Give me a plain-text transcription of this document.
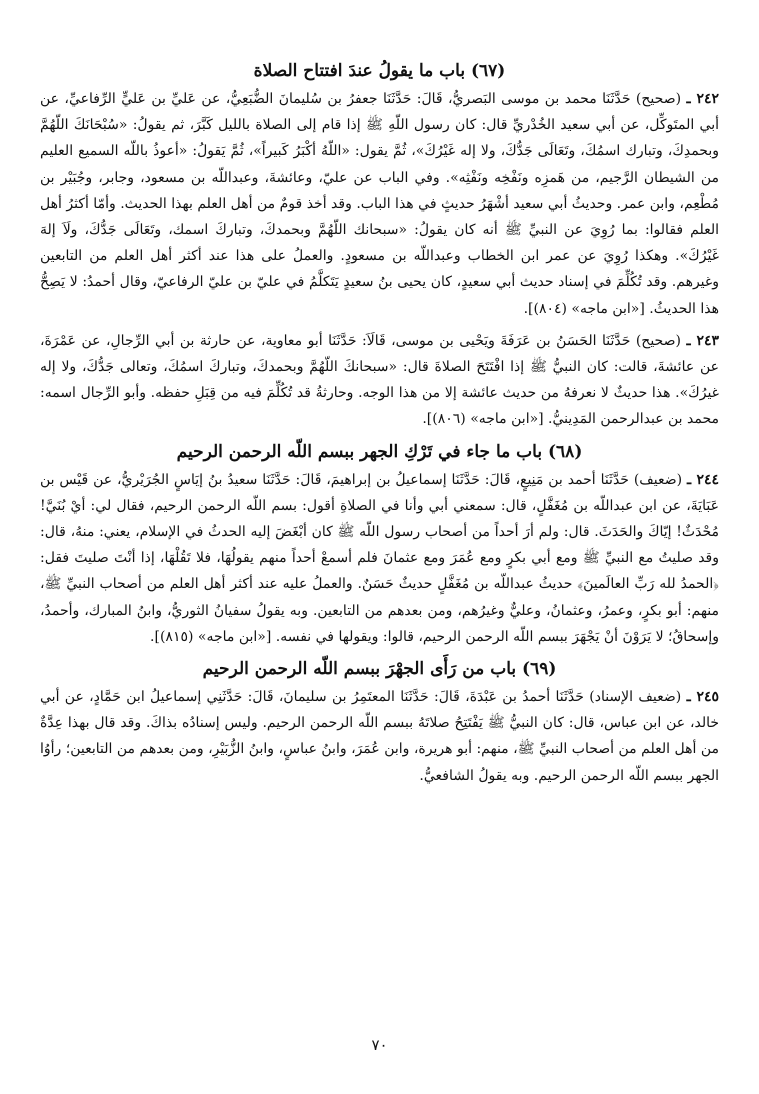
(٦٧) باب ما يقولُ عندَ افتتاح الصلاة

٢٤٢ ـ (صحيح) حَدَّثَنَا محمد بن موسى البَصريُّ، قَالَ: حَدَّثَنَا جعفرُ بن سُليمانَ الضُّبَعِيُّ، عن عَليِّ بن عَليٍّ الرِّفاعيِّ، عن أبي المتَوكِّل، عن أبي سعيد الخُدْريِّ قال: كان رسول اللّهِ ﷺ إذا قام إلى الصلاة بالليل كَبَّرَ، ثم يقولُ: «سُبْحَانَكَ اللّهُمَّ وبحمدِكَ، وتبارك اسمُكَ، وتَعَالَى جَدُّكَ، ولا إله غَيْرُكَ»، ثُمَّ يقول: «اللّهُ أكْبَرُ كَبيراً»، ثُمَّ يَقولُ: «أعوذُ باللّه السميع العليم من الشيطان الرَّجيم، من هَمزِه ونَفْخِه ونَفْثِه». وفي الباب عن عليّ، وعائشةَ، وعبداللّه بن مسعود، وجابر، وجُبَيْر بن مُطْعِم، وابن عمر. وحديثُ أبي سعيد أشْهَرُ حديثٍ في هذا الباب. وقد أخذ قومٌ من أهل العلم بهذا الحديث. وأمّا أكثرُ أهل العلم فقالوا: بما رُوِيَ عن النبيِّ ﷺ أنه كان يقولُ: «سبحانك اللّهُمَّ وبحمدكَ، وتباركَ اسمك، وتَعَالَى جَدُّكَ، ولَاَ إلهَ غَيْرُكَ». وهكذا رُوِيَ عن عمر ابن الخطاب وعبداللّه بن مسعودٍ. والعملُ على هذا عند أكثر أهل العلم من التابعين وغيرهم. وقد تُكُلِّمَ في إسناد حديث أبي سعيدٍ، كان يحيى بنُ سعيدٍ يَتَكلَّمُ في عليّ بن عليّ الرفاعيّ، وقال أحمدُ: لا يَصِحُّ هذا الحديثُ. [«ابن ماجه» (٨٠٤)].

٢٤٣ ـ (صحيح) حَدَّثَنَا الحَسَنُ بن عَرَفَةَ ويَحْيى بن موسى، قَالَاَ: حَدَّثَنَا أبو معاوية، عن حارثة بن أبي الرِّجالِ، عن عَمْرَةَ، عن عائشةَ، قالت: كان النبيُّ ﷺ إذا افْتَتَحَ الصلاةَ قال: «سبحانكَ اللّهُمَّ وبحمدكَ، وتباركَ اسمُكَ، وتعالى جَدُّكَ، ولا إله غيرُكَ». هذا حديثٌ لا نعرفهُ من حديث عائشة إلا من هذا الوجه. وحارثةُ قد تُكُلِّمَ فيه من قِبَلِ حفظه. وأبو الرِّجال اسمه: محمد بن عبدالرحمن المَدِينيُّ. [«ابن ماجه» (٨٠٦)].

(٦٨) باب ما جاء في تَرْكِ الجهر ببسم اللّه الرحمن الرحيم

٢٤٤ ـ (ضعيف) حَدَّثَنَا أحمد بن مَنِيعٍ، قَالَ: حَدَّثَنَا إسماعيلُ بن إبراهيمَ، قَالَ: حَدَّثَنَا سعيدُ بنُ إيَاسٍ الجُرَيْريُّ، عن قَيْس بن عَبَايَةَ، عن ابن عبداللّه بن مُغَفَّلٍ، قال: سمعني أبي وأنا في الصلاةِ أقول: بسم اللّه الرحمن الرحيم، فقال لي: أيْ بُنَيَّ! مُحْدَثٌ! إيّاكَ والحَدَثَ. قال: ولم أرَ أحداً من أصحاب رسول اللّه ﷺ كان أبْغَضَ إليه الحدثُ في الإسلام، يعني: منهُ، قال: وقد صليتُ مع النبيِّ ﷺ ومع أبي بكرٍ ومع عُمَرَ ومع عثمانَ فلم أسمعْ أحداً منهم يقولُهَا، فلا تَقُلْهَا، إذا أنْتَ صليتَ فقل: ﴿الحمدُ لله رَبِّ العالَمينَ﴾ حديثُ عبداللّه بن مُغَفَّلٍ حديثٌ حَسَنٌ. والعملُ عليه عند أكثر أهل العلم من أصحاب النبيِّ ﷺ، منهم: أبو بكرٍ، وعمرُ، وعثمانُ، وعليٌّ وغيرُهم، ومن بعدهم من التابعين. وبه يقولُ سفيانُ الثوريُّ، وابنُ المبارك، وأحمدُ، وإسحاقُ؛ لا يَرَوْنَ أنْ يَجْهَرَ ببسم اللّه الرحمن الرحيم، قالوا: ويقولها في نفسه. [«ابن ماجه» (٨١٥)].

(٦٩) باب من رَأَى الجهْرَ ببسم اللّه الرحمن الرحيم

٢٤٥ ـ (ضعيف الإسناد) حَدَّثَنَا أحمدُ بن عَبْدَةَ، قَالَ: حَدَّثَنَا المعتَمِرُ بن سليمانَ، قَالَ: حَدَّثَنِي إسماعيلُ ابن حَمَّادٍ، عن أبي خالد، عن ابن عباس، قال: كان النبيُّ ﷺ يَفْتَتِحُ صلاتَهُ ببسم اللّه الرحمن الرحيم. وليس إسنادُه بذاكَ. وقد قال بهذا عِدَّةٌ من أهل العلم من أصحاب النبيِّ ﷺ، منهم: أبو هريرة، وابن عُمَرَ، وابنُ عباسٍ، وابنُ الزُّبَيْرِ، ومن بعدهم من التابعين؛ رأوُا الجهر ببسم اللّه الرحمن الرحيم. وبه يقولُ الشافعيُّ.

٧٠
